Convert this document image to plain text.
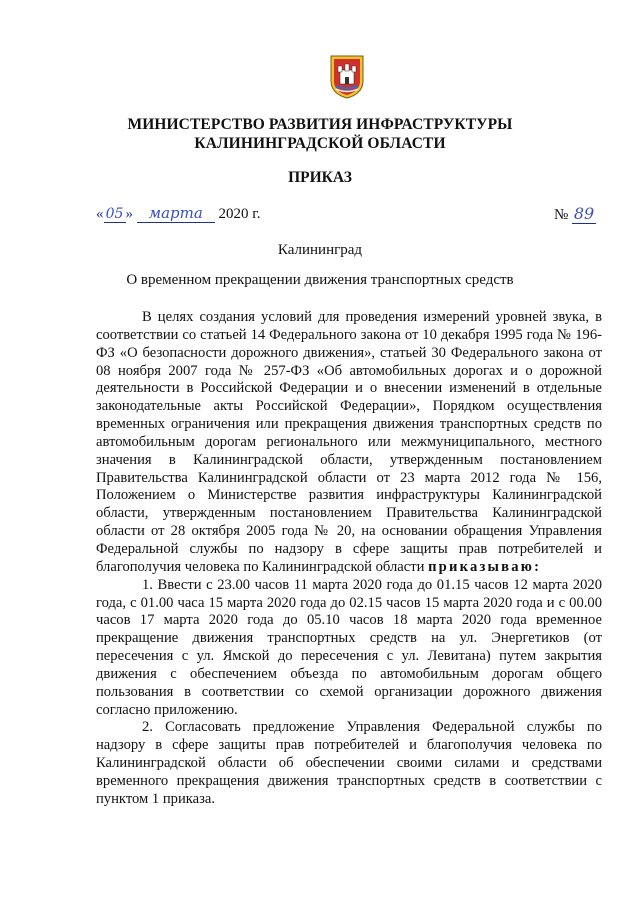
МИНИСТЕРСТВО РАЗВИТИЯ ИНФРАСТРУКТУРЫ
КАЛИНИНГРАДСКОЙ ОБЛАСТИ
ПРИКАЗ
« 05 » марта 2020 г.	№ 89
Калининград
О временном прекращении движения транспортных средств

В целях создания условий для проведения измерений уровней звука, в соответствии со статьей 14 Федерального закона от 10 декабря 1995 года № 196-ФЗ «О безопасности дорожного движения», статьей 30 Федерального закона от 08 ноября 2007 года № 257-ФЗ «Об автомобильных дорогах и о дорожной деятельности в Российской Федерации и о внесении изменений в отдельные законодательные акты Российской Федерации», Порядком осуществления временных ограничения или прекращения движения транспортных средств по автомобильным дорогам регионального или межмуниципального, местного значения в Калининградской области, утвержденным постановлением Правительства Калининградской области от 23 марта 2012 года № 156, Положением о Министерстве развития инфраструктуры Калининградской области, утвержденным постановлением Правительства Калининградской области от 28 октября 2005 года № 20, на основании обращения Управления Федеральной службы по надзору в сфере защиты прав потребителей и благополучия человека по Калининградской области приказываю:

1. Ввести с 23.00 часов 11 марта 2020 года до 01.15 часов 12 марта 2020 года, с 01.00 часа 15 марта 2020 года до 02.15 часов 15 марта 2020 года и с 00.00 часов 17 марта 2020 года до 05.10 часов 18 марта 2020 года временное прекращение движения транспортных средств на ул. Энергетиков (от пересечения с ул. Ямской до пересечения с ул. Левитана) путем закрытия движения с обеспечением объезда по автомобильным дорогам общего пользования в соответствии со схемой организации дорожного движения согласно приложению.

2. Согласовать предложение Управления Федеральной службы по надзору в сфере защиты прав потребителей и благополучия человека по Калининградской области об обеспечении своими силами и средствами временного прекращения движения транспортных средств в соответствии с пунктом 1 приказа.
